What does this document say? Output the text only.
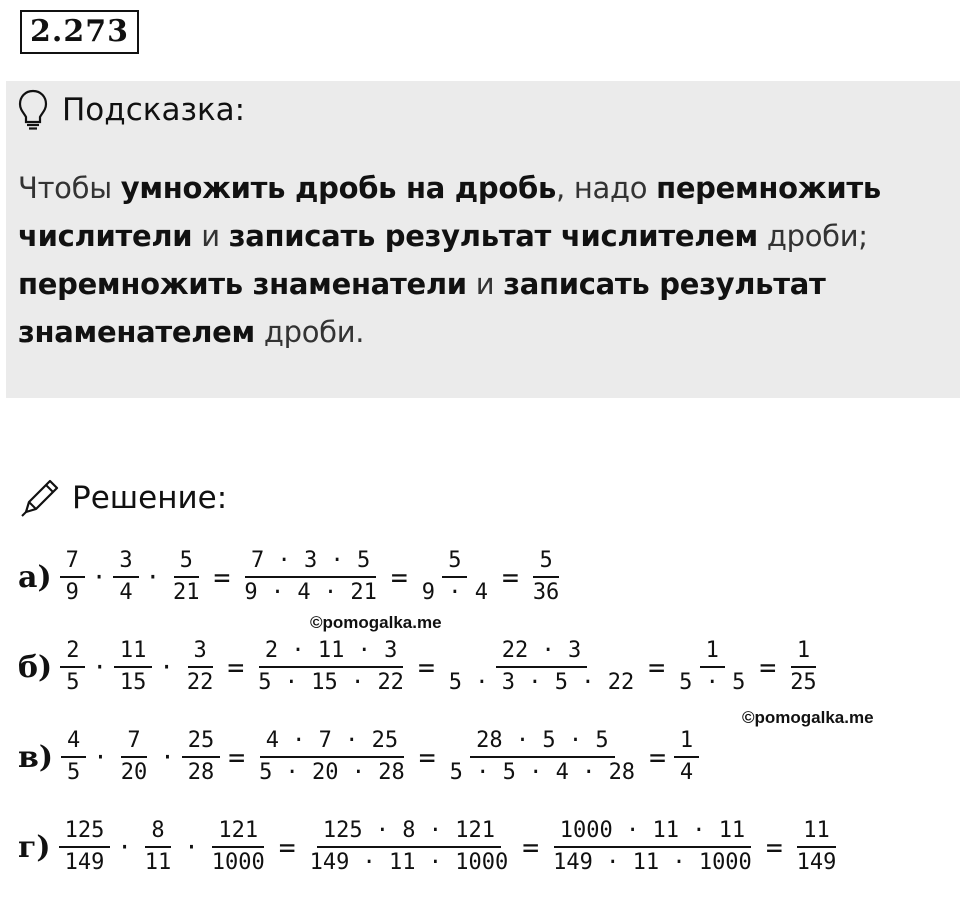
2.273
Подсказка:
Чтобы умножить дробь на дробь, надо перемножить числители и записать результат числителем дроби; перемножить знаменатели и записать результат знаменателем дроби.
Решение:
$а) \frac{7}{9} \cdot \frac{3}{4} \cdot \frac{5}{21} = \frac{7 \cdot 3 \cdot 5}{9 \cdot 4 \cdot 21} = \frac{5}{9 \cdot 4} = \frac{5}{36}$
$б) \frac{2}{5} \cdot \frac{11}{15} \cdot \frac{3}{22} = \frac{2 \cdot 11 \cdot 3}{5 \cdot 15 \cdot 22} = \frac{22 \cdot 3}{5 \cdot 3 \cdot 5 \cdot 22} = \frac{1}{5 \cdot 5} = \frac{1}{25}$
$в) \frac{4}{5} \cdot \frac{7}{20} \cdot \frac{25}{28} = \frac{4 \cdot 7 \cdot 25}{5 \cdot 20 \cdot 28} = \frac{28 \cdot 5 \cdot 5}{5 \cdot 5 \cdot 4 \cdot 28} = \frac{1}{4}$
$г) \frac{125}{149} \cdot \frac{8}{11} \cdot \frac{121}{1000} = \frac{125 \cdot 8 \cdot 121}{149 \cdot 11 \cdot 1000} = \frac{1000 \cdot 11 \cdot 11}{149 \cdot 11 \cdot 1000} = \frac{11}{149}$
©pomogalka.me
©pomogalka.me
